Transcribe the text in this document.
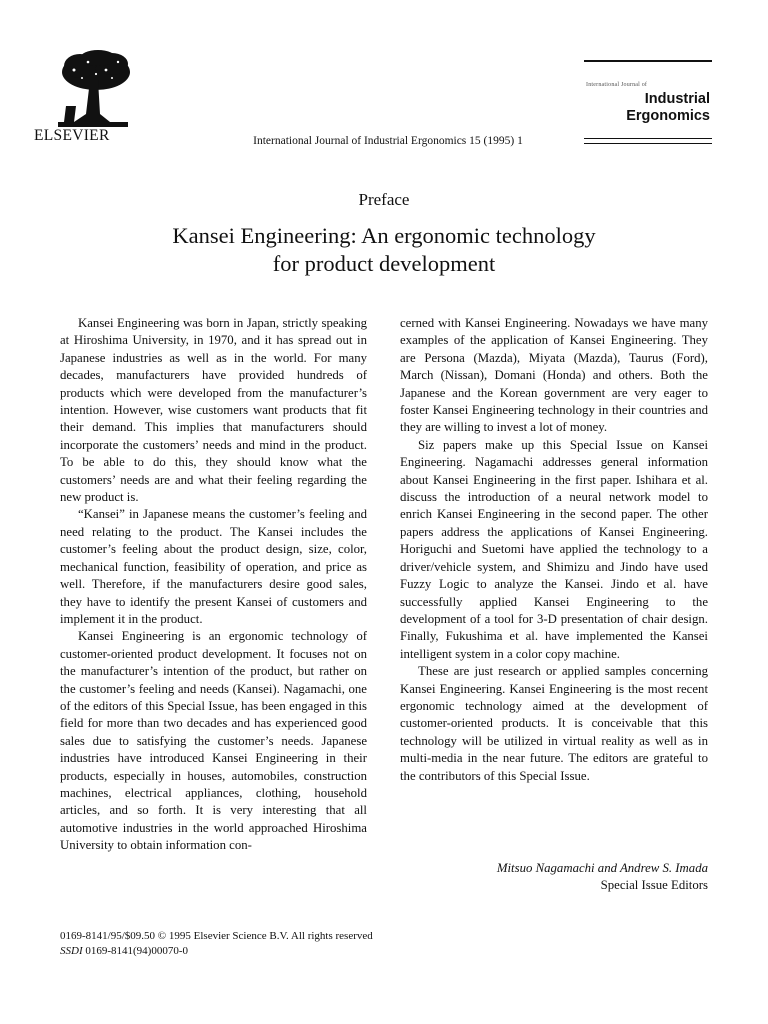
ELSEVIER	International Journal of Industrial Ergonomics 15 (1995) 1
International Journal of
Industrial
Ergonomics
Preface
Kansei Engineering: An ergonomic technology
for product development

Kansei Engineering was born in Japan, strictly speaking at Hiroshima University, in 1970, and it has spread out in Japanese industries as well as in the world. For many decades, manufacturers have provided hundreds of products which were developed from the manufacturer’s intention. However, wise customers want products that fit their demand. This implies that manufacturers should incorporate the customers’ needs and mind in the product. To be able to do this, they should know what the customers’ needs are and what their feeling regarding the new product is.

“Kansei” in Japanese means the customer’s feeling and need relating to the product. The Kansei includes the customer’s feeling about the product design, size, color, mechanical function, feasibility of operation, and price as well. Therefore, if the manufacturers desire good sales, they have to identify the present Kansei of customers and implement it in the product.

Kansei Engineering is an ergonomic technology of customer-oriented product development. It focuses not on the manufacturer’s intention of the product, but rather on the customer’s feeling and needs (Kansei). Nagamachi, one of the editors of this Special Issue, has been engaged in this field for more than two decades and has experienced good sales due to satisfying the customer’s needs. Japanese industries have introduced Kansei Engineering in their products, especially in houses, automobiles, construction machines, electrical appliances, clothing, household articles, and so forth. It is very interesting that all automotive industries in the world approached Hiroshima University to obtain information con-

cerned with Kansei Engineering. Nowadays we have many examples of the application of Kansei Engineering. They are Persona (Mazda), Miyata (Mazda), Taurus (Ford), March (Nissan), Domani (Honda) and others. Both the Japanese and the Korean government are very eager to foster Kansei Engineering technology in their countries and they are willing to invest a lot of money.

Siz papers make up this Special Issue on Kansei Engineering. Nagamachi addresses general information about Kansei Engineering in the first paper. Ishihara et al. discuss the introduction of a neural network model to enrich Kansei Engineering in the second paper. The other papers address the applications of Kansei Engineering. Horiguchi and Suetomi have applied the technology to a driver/vehicle system, and Shimizu and Jindo have used Fuzzy Logic to analyze the Kansei. Jindo et al. have successfully applied Kansei Engineering to the development of a tool for 3-D presentation of chair design. Finally, Fukushima et al. have implemented the Kansei intelligent system in a color copy machine.

These are just research or applied samples concerning Kansei Engineering. Kansei Engineering is the most recent ergonomic technology aimed at the development of customer-oriented products. It is conceivable that this technology will be utilized in virtual reality as well as in multi-media in the near future. The editors are grateful to the contributors of this Special Issue.

Mitsuo Nagamachi and Andrew S. Imada
Special Issue Editors
0169-8141/95/$09.50 © 1995 Elsevier Science B.V. All rights reserved
SSDI 0169-8141(94)00070-0
